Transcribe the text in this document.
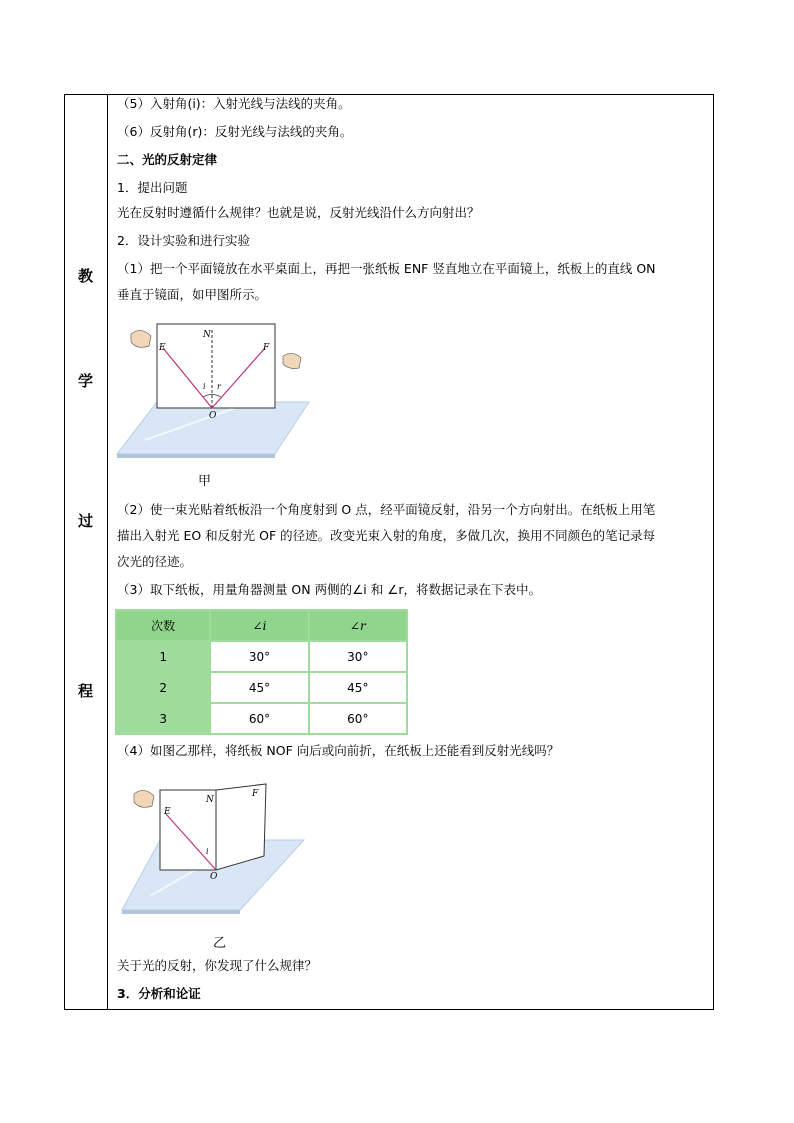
教
学
过
程
（5）入射角(i)：入射光线与法线的夹角。
（6）反射角(r)：反射光线与法线的夹角。
二、光的反射定律
1．提出问题
光在反射时遵循什么规律？也就是说，反射光线沿什么方向射出？
2．设计实验和进行实验
（1）把一个平面镜放在水平桌面上，再把一张纸板 ENF 竖直地立在平面镜上，纸板上的直线 ON
垂直于镜面，如甲图所示。
N
E	F
O
i r
甲
（2）使一束光贴着纸板沿一个角度射到 O 点，经平面镜反射，沿另一个方向射出。在纸板上用笔
描出入射光 EO 和反射光 OF 的径迹。改变光束入射的角度，多做几次，换用不同颜色的笔记录每
次光的径迹。
（3）取下纸板，用量角器测量 ON 两侧的∠i 和 ∠r，将数据记录在下表中。
次数	∠i	∠r
1	30°	30°
2	45°	45°
3	60°	60°
（4）如图乙那样，将纸板 NOF 向后或向前折，在纸板上还能看到反射光线吗？
N
E
F
O
i
乙
关于光的反射，你发现了什么规律？
3．分析和论证
